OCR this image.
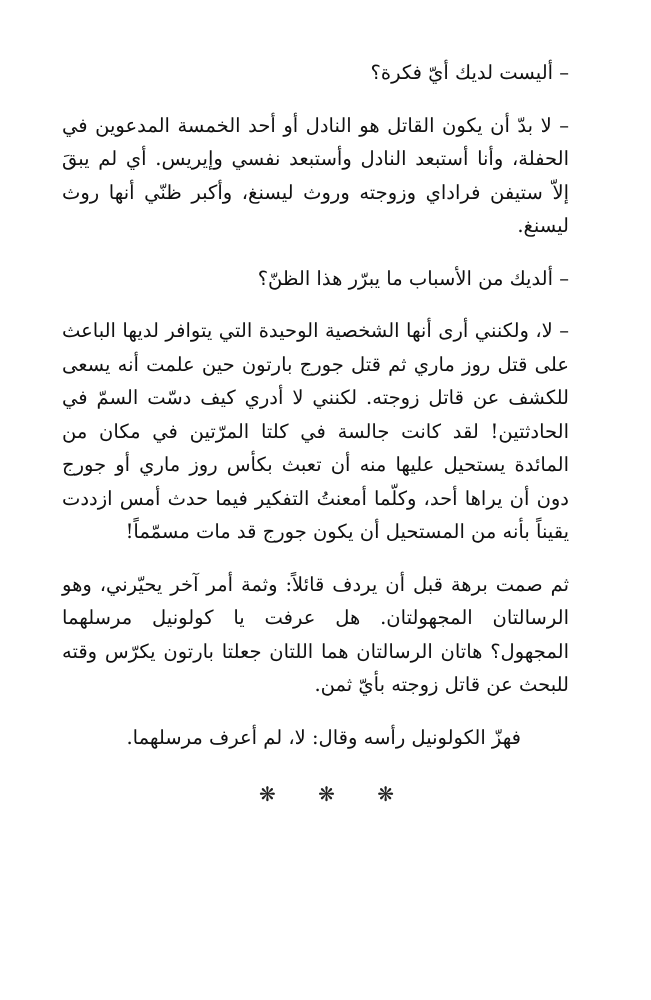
– أليست لديك أيّ فكرة؟

– لا بدّ أن يكون القاتل هو النادل أو أحد الخمسة المدعوين في الحفلة، وأنا أستبعد النادل وأستبعد نفسي وإيريس. أي لم يبقَ إلاّ ستيفن فراداي وزوجته وروث ليسنغ، وأكبر ظنّي أنها روث ليسنغ.

– ألديك من الأسباب ما يبرّر هذا الظنّ؟

– لا، ولكنني أرى أنها الشخصية الوحيدة التي يتوافر لديها الباعث على قتل روز ماري ثم قتل جورج بارتون حين علمت أنه يسعى للكشف عن قاتل زوجته. لكنني لا أدري كيف دسّت السمّ في الحادثتين! لقد كانت جالسة في كلتا المرّتين في مكان من المائدة يستحيل عليها منه أن تعبث بكأس روز ماري أو جورج دون أن يراها أحد، وكلّما أمعنتُ التفكير فيما حدث أمس ازددت يقيناً بأنه من المستحيل أن يكون جورج قد مات مسمّماً!

ثم صمت برهة قبل أن يردف قائلاً: وثمة أمر آخر يحيّرني، وهو الرسالتان المجهولتان. هل عرفت يا كولونيل مرسلهما المجهول؟ هاتان الرسالتان هما اللتان جعلتا بارتون يكرّس وقته للبحث عن قاتل زوجته بأيّ ثمن.

فهزّ الكولونيل رأسه وقال: لا، لم أعرف مرسلهما.

❋ ❋ ❋
